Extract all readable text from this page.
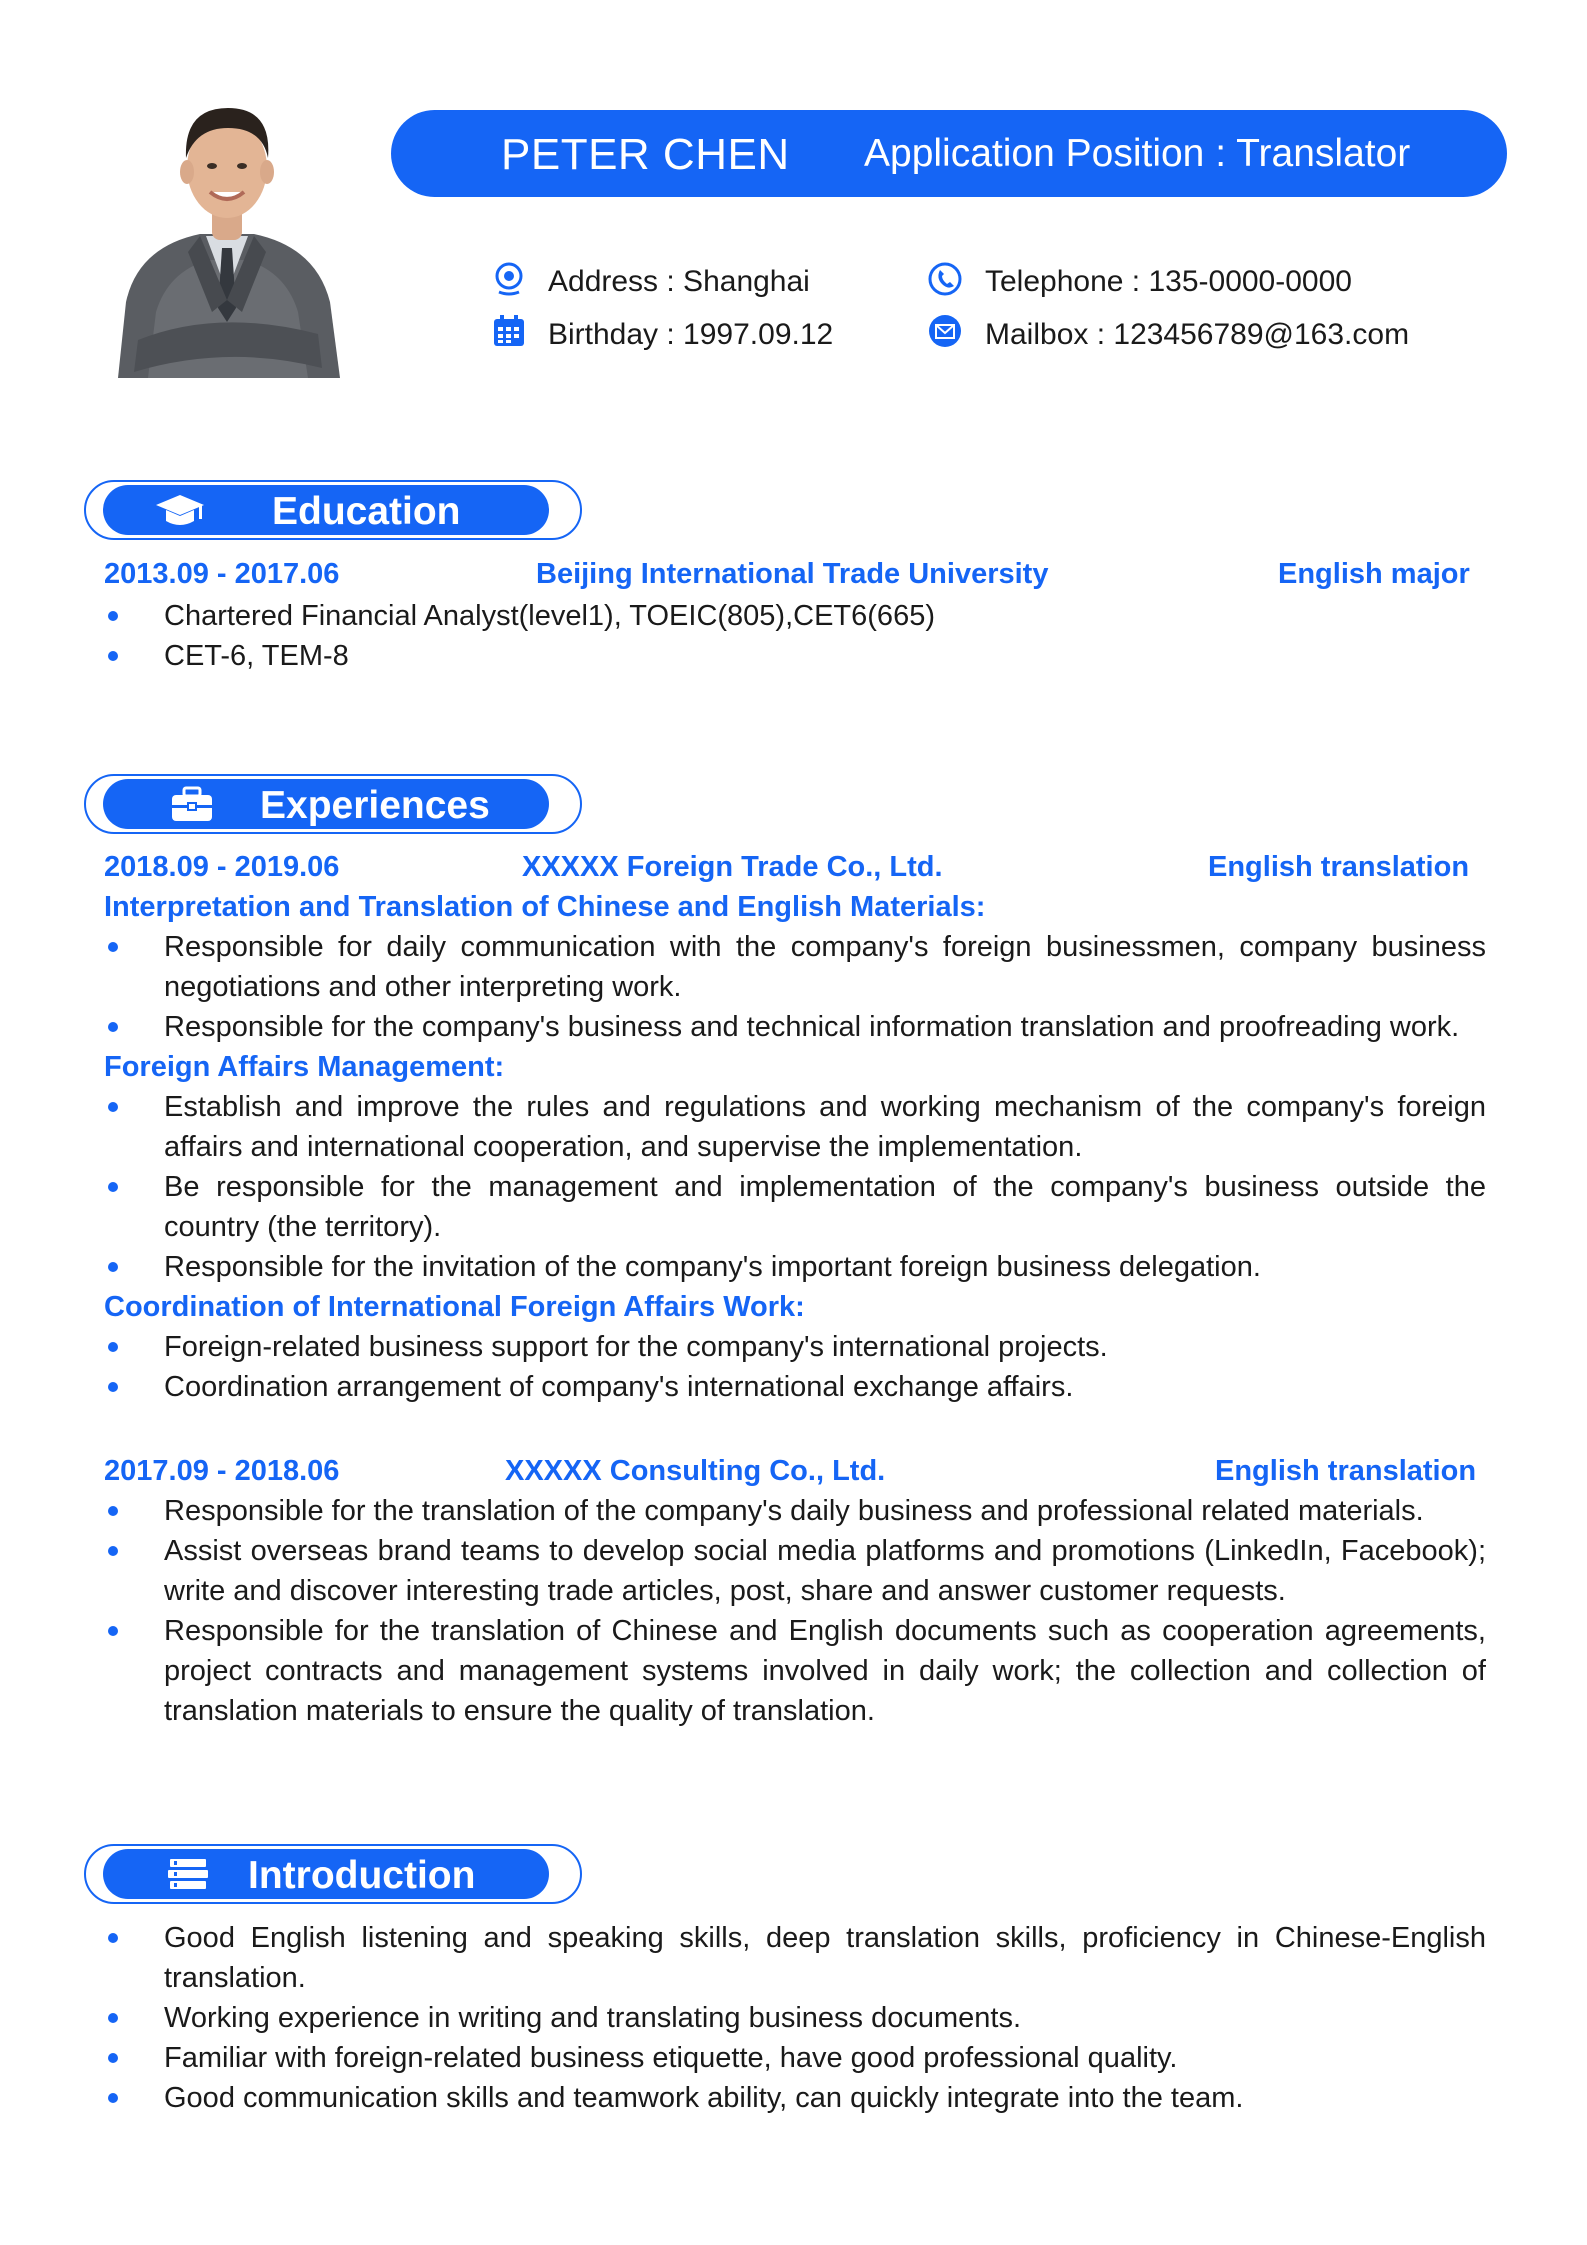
PETER CHEN Application Position : Translator
Address : Shanghai
Birthday : 1997.09.12
Telephone : 135-0000-0000
Mailbox : 123456789@163.com
Education
2013.09 - 2017.06	Beijing International Trade University	English major
Chartered Financial Analyst(level1), TOEIC(805),CET6(665)
CET-6, TEM-8
Experiences
2018.09 - 2019.06	XXXXX Foreign Trade Co., Ltd.	English translation
Interpretation and Translation of Chinese and English Materials:
Responsible for daily communication with the company's foreign businessmen, company business negotiations and other interpreting work.
Responsible for the company's business and technical information translation and proofreading work.
Foreign Affairs Management:
Establish and improve the rules and regulations and working mechanism of the company's foreign affairs and international cooperation, and supervise the implementation.
Be responsible for the management and implementation of the company's business outside the country (the territory).
Responsible for the invitation of the company's important foreign business delegation.
Coordination of International Foreign Affairs Work:
Foreign-related business support for the company's international projects.
Coordination arrangement of company's international exchange affairs.
2017.09 - 2018.06	XXXXX Consulting Co., Ltd.	English translation
Responsible for the translation of the company's daily business and professional related materials.
Assist overseas brand teams to develop social media platforms and promotions (LinkedIn, Facebook); write and discover interesting trade articles, post, share and answer customer requests.
Responsible for the translation of Chinese and English documents such as cooperation agreements, project contracts and management systems involved in daily work; the collection and collection of translation materials to ensure the quality of translation.
Introduction
Good English listening and speaking skills, deep translation skills, proficiency in Chinese-English translation.
Working experience in writing and translating business documents.
Familiar with foreign-related business etiquette, have good professional quality.
Good communication skills and teamwork ability, can quickly integrate into the team.
